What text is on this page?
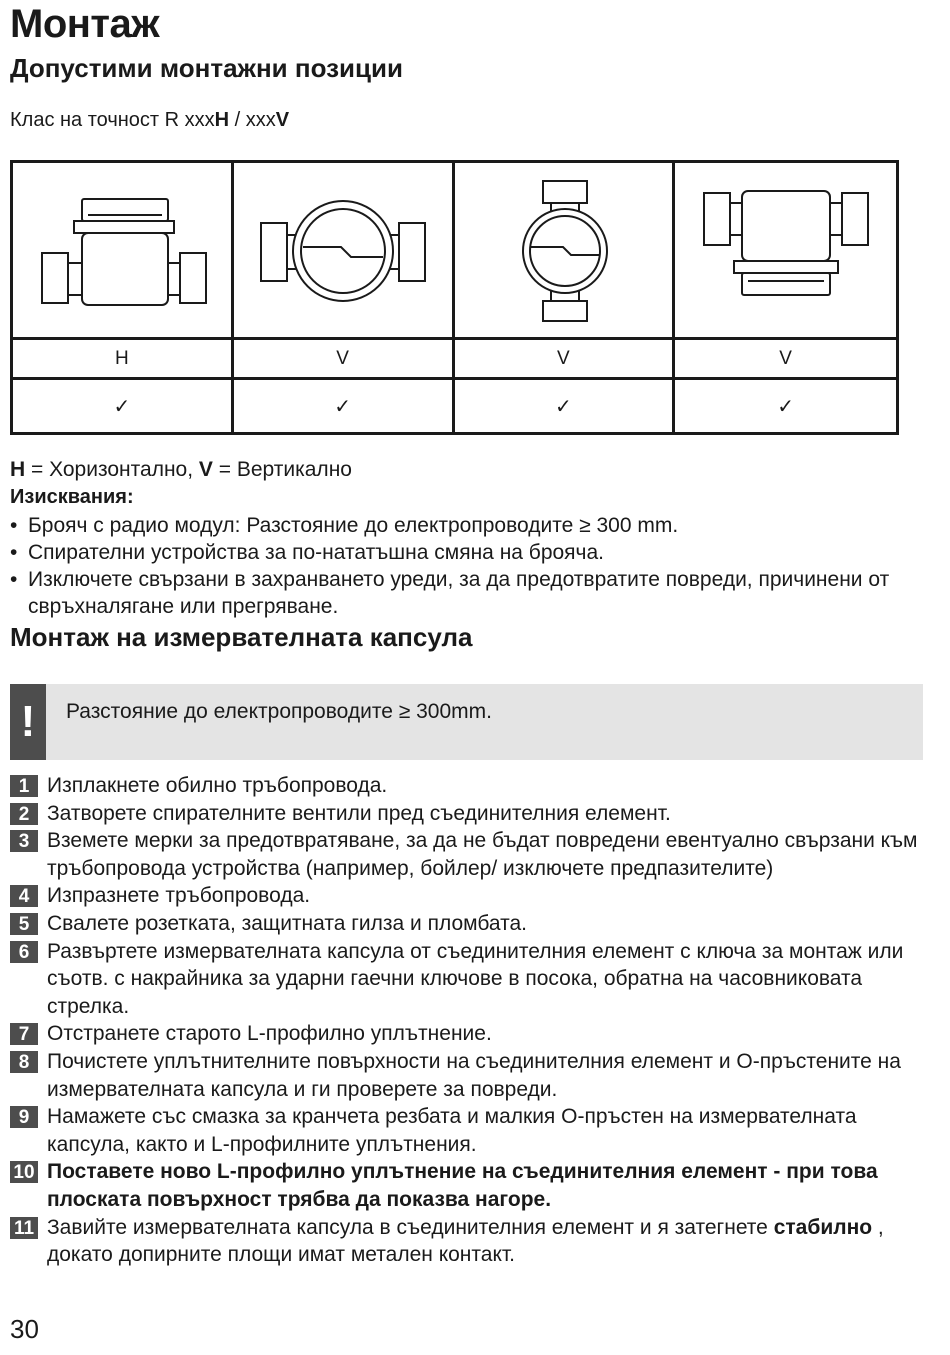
Монтаж
Допустими монтажни позиции
Клас на точност R xxxH / xxxV
H	V	V	V
✓	✓	✓	✓
H = Хоризонтално, V = Вертикално
Изисквания:
• Брояч с радио модул: Разстояние до електропроводите ≥ 300 mm.
• Спирателни устройства за по-нататъшна смяна на брояча.
• Изключете свързани в захранването уреди, за да предотвратите повреди, причинени от свръхналягане или прегряване.
Монтаж на измервателната капсула
!	Разстояние до електропроводите ≥ 300mm.
1 Изплакнете обилно тръбопровода.
2 Затворете спирателните вентили пред съединителния елемент.
3 Вземете мерки за предотвратяване, за да не бъдат повредени евентуално свързани към тръбопровода устройства (например, бойлер/ изключете предпазителите)
4 Изпразнете тръбопровода.
5 Свалете розетката, защитната гилза и пломбата.
6 Развъртете измервателната капсула от съединителния елемент с ключа за монтаж или съотв. с накрайника за ударни гаечни ключове в посока, обратна на часовниковата стрелка.
7 Отстранете старото L-профилно уплътнение.
8 Почистете уплътнителните повърхности на съединителния елемент и О-пръстените на измервателната капсула и ги проверете за повреди.
9 Намажете със смазка за кранчета резбата и малкия О-пръстен на измервателната капсула, както и L-профилните уплътнения.
10 Поставете ново L-профилно уплътнение на съединителния елемент - при това плоската повърхност трябва да показва нагоре.
11 Завийте измервателната капсула в съединителния елемент и я затегнете стабилно , докато допирните площи имат метален контакт.
30
